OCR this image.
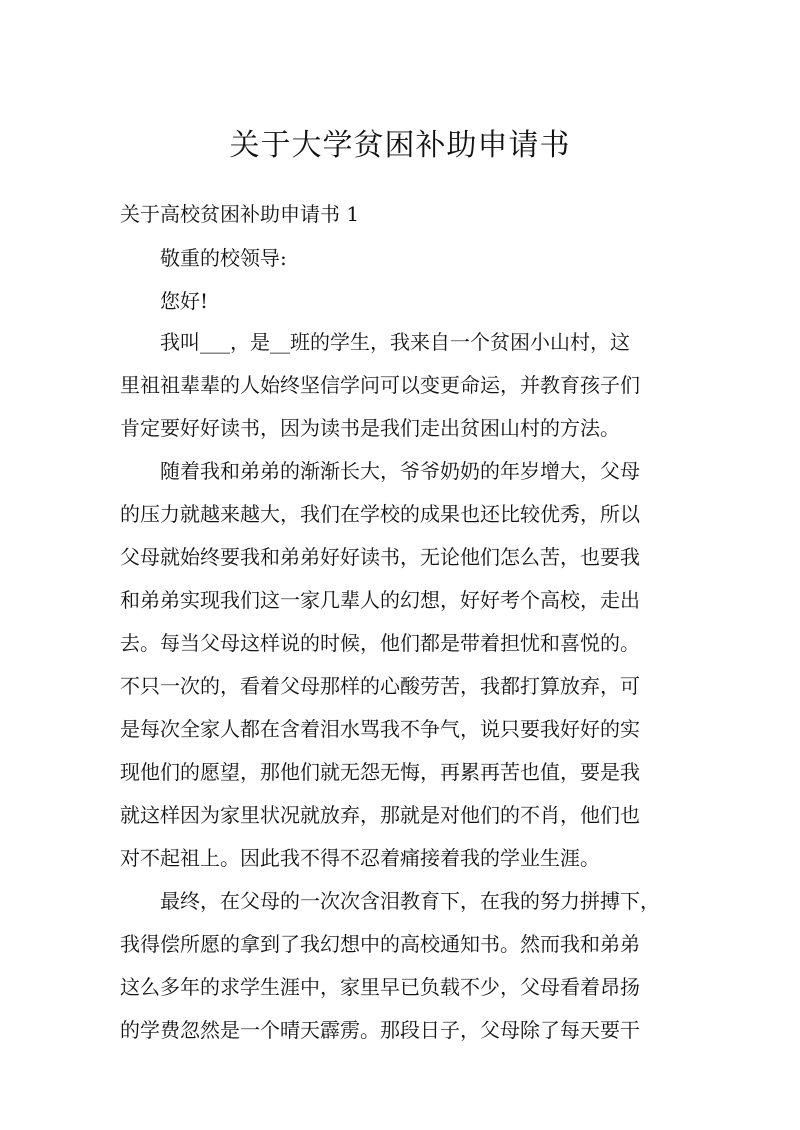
关于大学贫困补助申请书

关于高校贫困补助申请书 1

敬重的校领导:

您好!

我叫___，是__班的学生，我来自一个贫困小山村，这

里祖祖辈辈的人始终坚信学问可以变更命运，并教育孩子们

肯定要好好读书，因为读书是我们走出贫困山村的方法。

随着我和弟弟的渐渐长大，爷爷奶奶的年岁增大，父母

的压力就越来越大，我们在学校的成果也还比较优秀，所以

父母就始终要我和弟弟好好读书，无论他们怎么苦，也要我

和弟弟实现我们这一家几辈人的幻想，好好考个高校，走出

去。每当父母这样说的时候，他们都是带着担忧和喜悦的。

不只一次的，看着父母那样的心酸劳苦，我都打算放弃，可

是每次全家人都在含着泪水骂我不争气，说只要我好好的实

现他们的愿望，那他们就无怨无悔，再累再苦也值，要是我

就这样因为家里状况就放弃，那就是对他们的不肖，他们也

对不起祖上。因此我不得不忍着痛接着我的学业生涯。

最终，在父母的一次次含泪教育下，在我的努力拼搏下，

我得偿所愿的拿到了我幻想中的高校通知书。然而我和弟弟

这么多年的求学生涯中，家里早已负载不少，父母看着昂扬

的学费忽然是一个晴天霹雳。那段日子，父母除了每天要干
